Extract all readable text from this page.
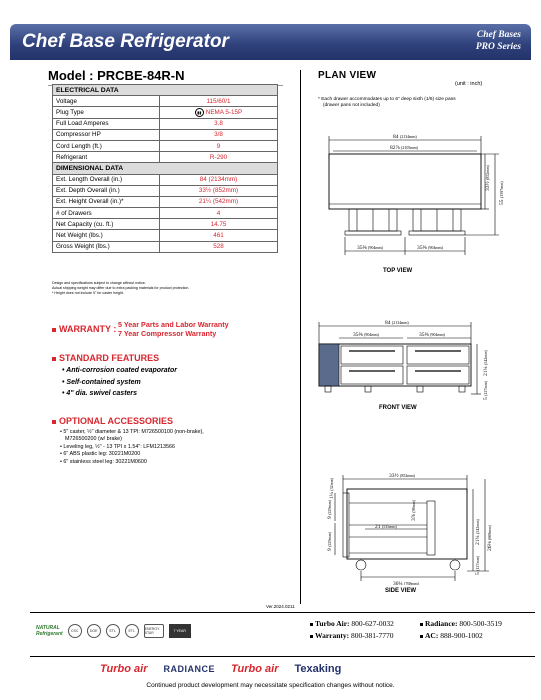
Chef Base Refrigerator	Chef Bases
PRO Series
Model : PRCBE-84R-N
ELECTRICAL DATA	
Voltage	115/60/1
Plug Type	▮▮ NEMA 5-15P

Full Load Amperes	3.8
Compressor HP	3/8
Cord Length (ft.)	9
Refrigerant	R-290
DIMENSIONAL DATA	
Ext. Length Overall (in.)	84 (2134mm)
Ext. Depth Overall (in.)	33½ (852mm)
Ext. Height Overall (in.)*	21¼ (542mm)
# of Drawers	4
Net Capacity (cu. ft.)	14.75
Net Weight (lbs.)	461
Gross Weight (lbs.)	528
Design and specifications subject to change without notice.
Actual shipping weight may differ due to extra packing materials for product protection.
* Height does not include 5" for caster height.
WARRANTY : 5 Year Parts and Labor Warranty
7 Year Compressor Warranty
STANDARD FEATURES
• Anti-corrosion coated evaporator
• Self-contained system
• 4" dia. swivel casters
OPTIONAL ACCESSORIES
• 5" caster, ½" diameter & 13 TPI: M726500100 (non-brake),
M726500200 (w/ brake)
• Leveling leg, ½" - 13 TPI x 1.54": LFM1213566
• 6" ABS plastic leg: 30221M0200
• 6" stainless steel leg: 30221M0600
PLAN VIEW
(unit : inch)
* Each drawer accommodates up to 6" deep sixth (1/6) size pans
(drawer pans not included)
84 (2134mm)
82⅞ (2105mm)
33½ (852mm)
55 (1397mm)
35⅝ (904mm)	35⅝ (904mm)
TOP VIEW
84 (2134mm)
35⅝ (904mm)	35⅝ (904mm)
21¼ (542mm)
5 (127mm)
FRONT VIEW
33½ (852mm)
1¼ (32mm)
9 (229mm)
3⅞ (98mm)
21 (535mm)
9 (229mm)	21¼ (542mm)
26⅜ (669mm)
5 (127mm)
30¼ (768mm)
SIDE VIEW
Ver.2024.0211
NATURAL
Refrigerant	CSC	DOE	ETL	ETL	ENERGY STAR	7 YEAR
Turbo Air: 800-627-0032	Radiance: 800-500-3519
Warranty: 800-381-7770	AC: 888-900-1002
Turbo air RADIANCE Turbo air Texaking
Continued product development may necessitate specification changes without notice.
